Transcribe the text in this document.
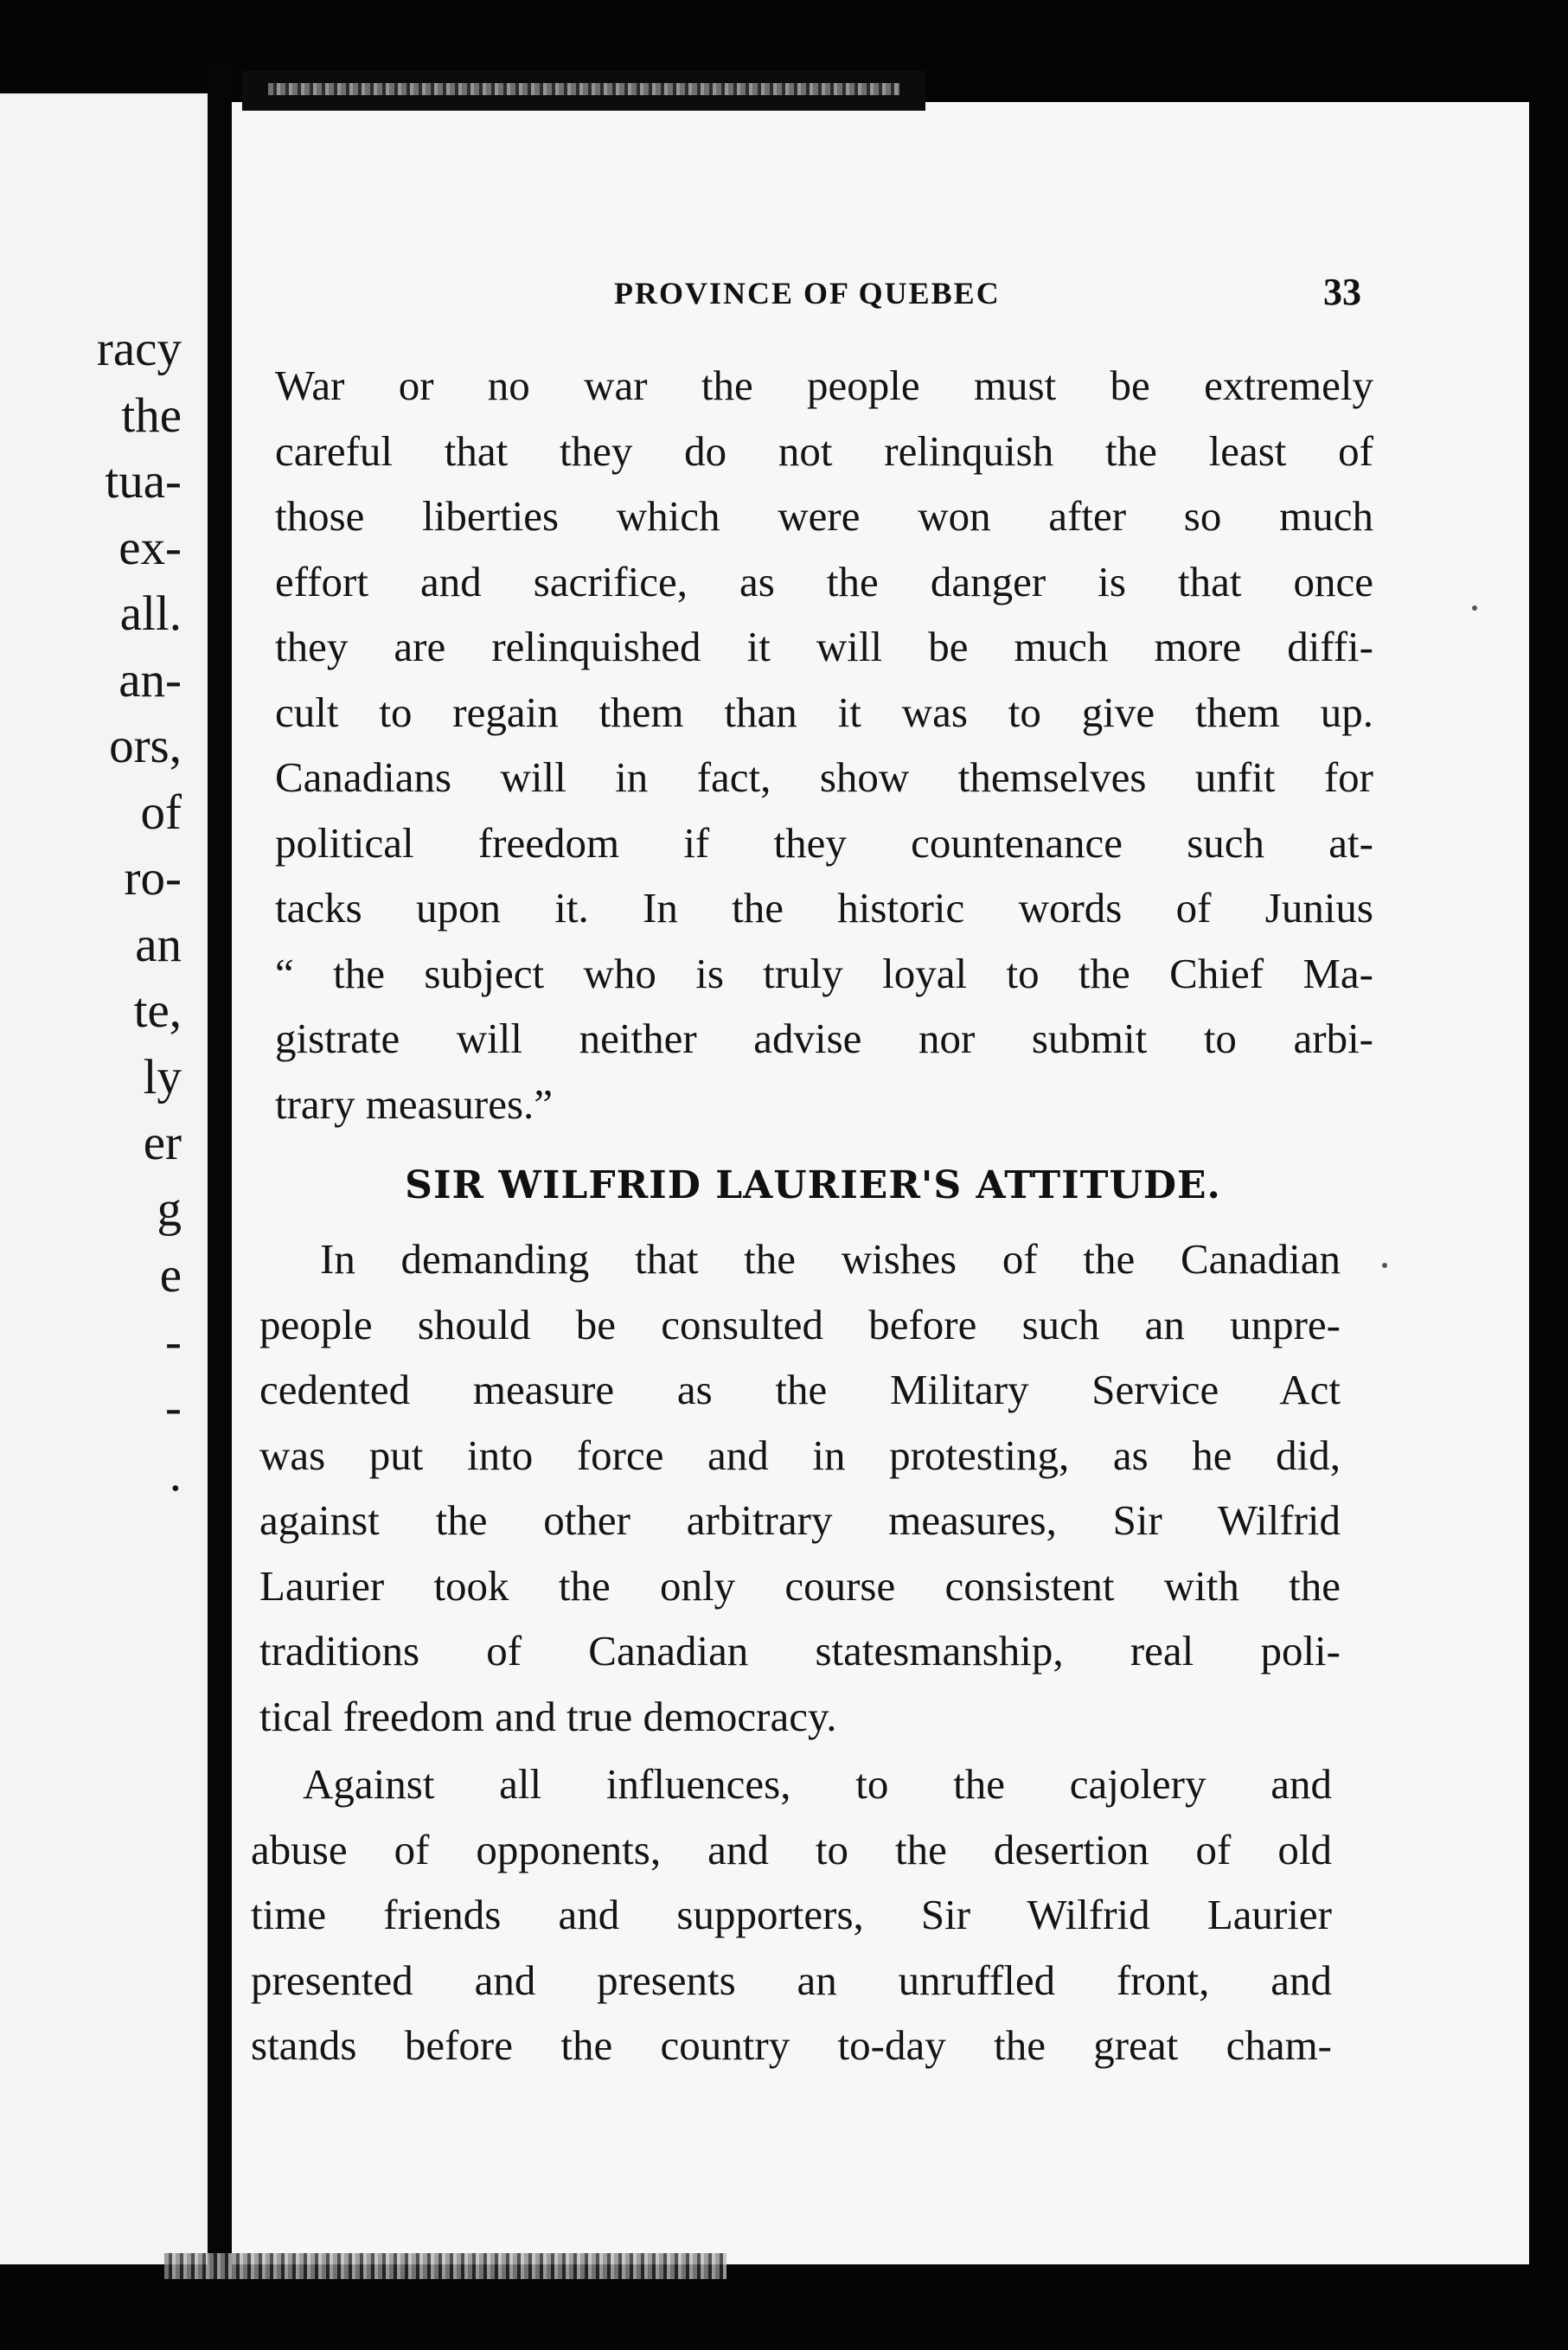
racy
the
tua-
ex-
all.
an-
ors,
of
ro-
an
te,
ly
er
g
e
-
-
.
PROVINCE OF QUEBEC	33
War or no war the people must be extremely
careful that they do not relinquish the least of
those liberties which were won after so much
effort and sacrifice, as the danger is that once
they are relinquished it will be much more diffi-
cult to regain them than it was to give them up.
Canadians will in fact, show themselves unfit for
political freedom if they countenance such at-
tacks upon it. In the historic words of Junius
“ the subject who is truly loyal to the Chief Ma-
gistrate will neither advise nor submit to arbi-
trary measures.”
SIR WILFRID LAURIER'S ATTITUDE.
In demanding that the wishes of the Canadian
people should be consulted before such an unpre-
cedented measure as the Military Service Act
was put into force and in protesting, as he did,
against the other arbitrary measures, Sir Wilfrid
Laurier took the only course consistent with the
traditions of Canadian statesmanship, real poli-
tical freedom and true democracy.
Against all influences, to the cajolery and
abuse of opponents, and to the desertion of old
time friends and supporters, Sir Wilfrid Laurier
presented and presents an unruffled front, and
stands before the country to-day the great cham-
